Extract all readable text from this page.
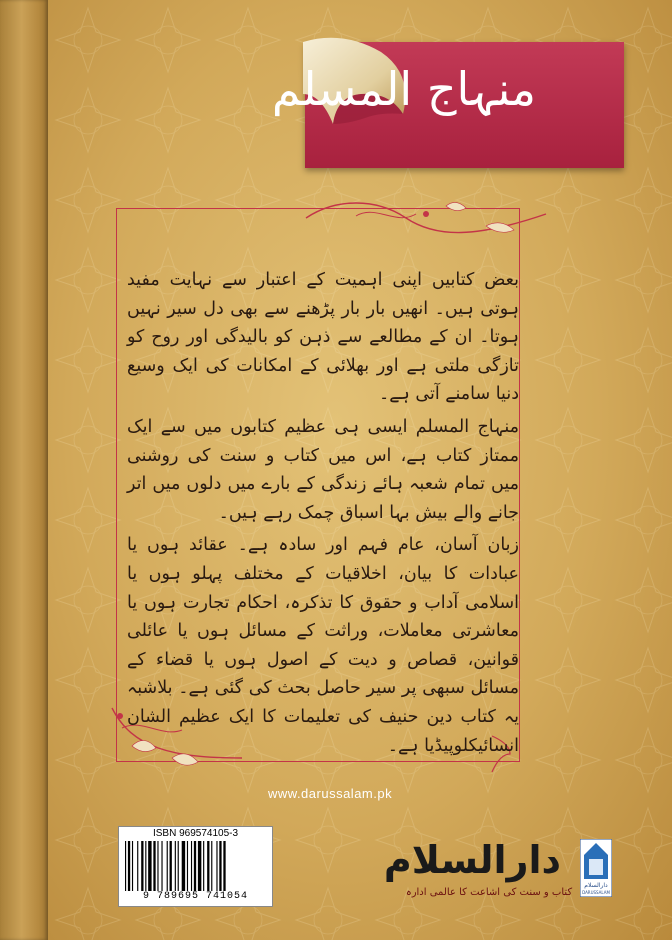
منہاج المسلم

بعض کتابیں اپنی اہمیت کے اعتبار سے نہایت مفید ہوتی ہیں۔ انھیں بار بار پڑھنے سے بھی دل سیر نہیں ہوتا۔ ان کے مطالعے سے ذہن کو بالیدگی اور روح کو تازگی ملتی ہے اور بھلائی کے امکانات کی ایک وسیع دنیا سامنے آتی ہے۔

منہاج المسلم ایسی ہی عظیم کتابوں میں سے ایک ممتاز کتاب ہے، اس میں کتاب و سنت کی روشنی میں تمام شعبہ ہائے زندگی کے بارے میں دلوں میں اتر جانے والے بیش بہا اسباق چمک رہے ہیں۔

زبان آسان، عام فہم اور سادہ ہے۔ عقائد ہوں یا عبادات کا بیان، اخلاقیات کے مختلف پہلو ہوں یا اسلامی آداب و حقوق کا تذکرہ، احکام تجارت ہوں یا معاشرتی معاملات، وراثت کے مسائل ہوں یا عائلی قوانین، قصاص و دیت کے اصول ہوں یا قضاء کے مسائل سبھی پر سیر حاصل بحث کی گئی ہے۔ بلاشبہ یہ کتاب دین حنیف کی تعلیمات کا ایک عظیم الشان انسائیکلوپیڈیا ہے۔

www.darussalam.pk
ISBN 969574105-3
9 789695 741054
دارالسلام
کتاب و سنت کی اشاعت کا عالمی ادارہ
دارالسلام
DARUSSALAM
